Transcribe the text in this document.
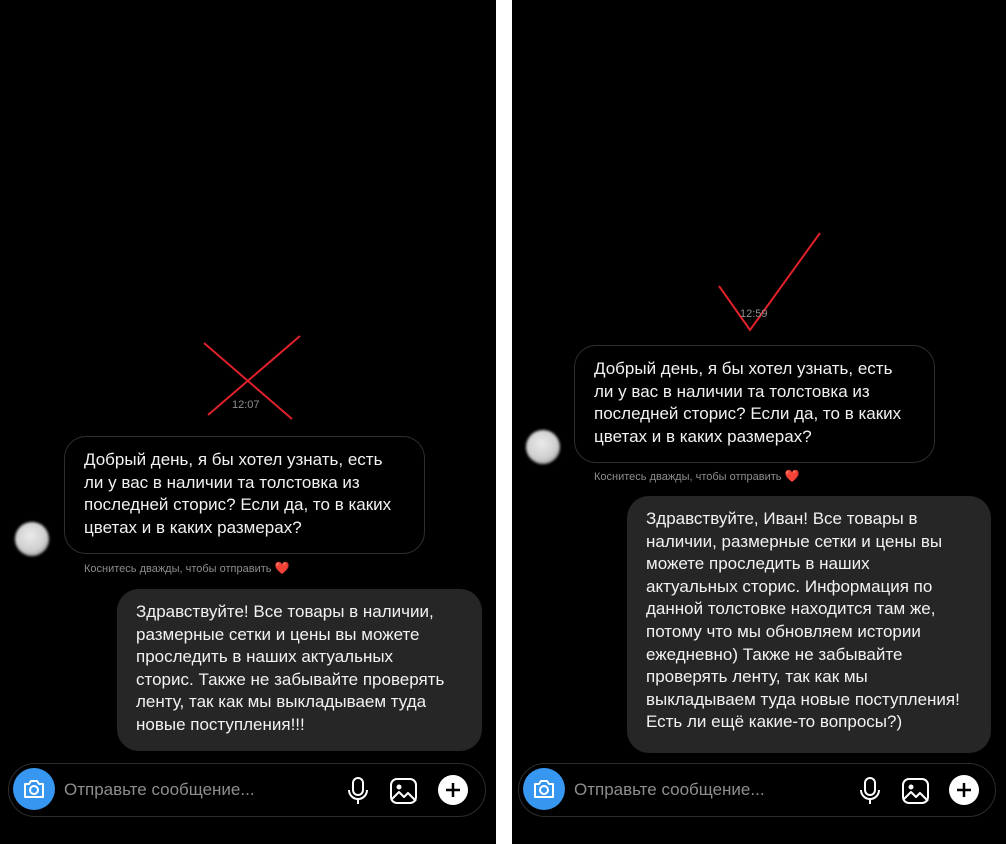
12:07
Добрый день, я бы хотел узнать, есть
ли у вас в наличии та толстовка из
последней сторис? Если да, то в каких
цветах и в каких размерах?
Коснитесь дважды, чтобы отправить ❤️
Здравствуйте! Все товары в наличии,
размерные сетки и цены вы можете
проследить в наших актуальных
сторис. Также не забывайте проверять
ленту, так как мы выкладываем туда
новые поступления!!!
Отправьте сообщение...
12:59
Добрый день, я бы хотел узнать, есть
ли у вас в наличии та толстовка из
последней сторис? Если да, то в каких
цветах и в каких размерах?
Коснитесь дважды, чтобы отправить ❤️
Здравствуйте, Иван! Все товары в
наличии, размерные сетки и цены вы
можете проследить в наших
актуальных сторис. Информация по
данной толстовке находится там же,
потому что мы обновляем истории
ежедневно) Также не забывайте
проверять ленту, так как мы
выкладываем туда новые поступления!
Есть ли ещё какие-то вопросы?)
Отправьте сообщение...
